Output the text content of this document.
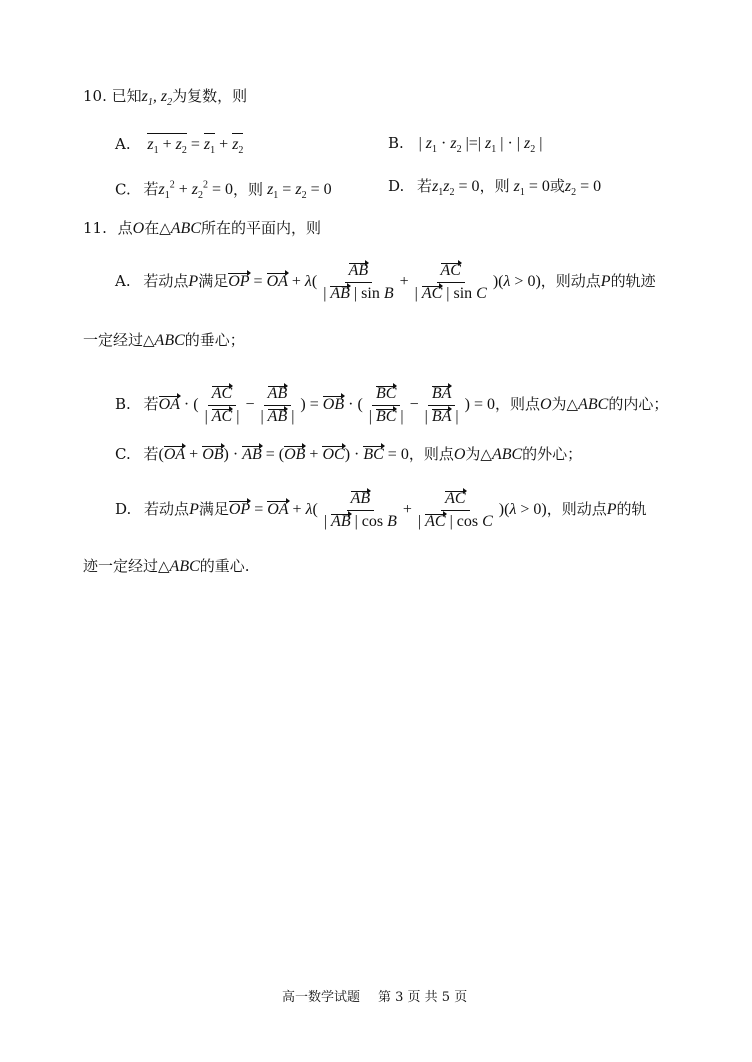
10. 已知$z_1$, $z_2$为复数，则
A. $z_1 + z_2 = z_1 + z_2$	B. | $z_1 \cdot z_2$ |=| $z_1$ | · | $z_2$ |
C. 若$z_1^2 + z_2^2 = 0$，则 $z_1 = z_2 = 0$	D. 若$z_1z_2 = 0$，则 $z_1 = 0$或$z_2 = 0$
11. 点O在△ABC所在的平面内，则
A. 若动点P满足OP = OA + $\lambda( \frac{AB}{\text{| AB | sin B}} + \frac{AC}{\text{| AC | sin C}} )(\lambda > 0)$，则动点P的轨迹
一定经过△ABC的垂心；
B. 若OA · ( $\frac{AC}{| AC |} - \frac{AB}{| AB |}$ ) = OB · ( $\frac{BC}{| BC |} - \frac{BA}{| BA |}$ ) = 0，则点O为△ABC的内心；
C. 若(OA + OB) · AB = (OB + OC) · BC = 0，则点O为△ABC的外心；
D. 若动点P满足OP = OA + $\lambda( \frac{AB}{\text{| AB | cos B}} + \frac{AC}{\text{| AC | cos C}} )(\lambda > 0)$，则动点P的轨
迹一定经过△ABC的重心.
高一数学试题 第 3 页 共 5 页
